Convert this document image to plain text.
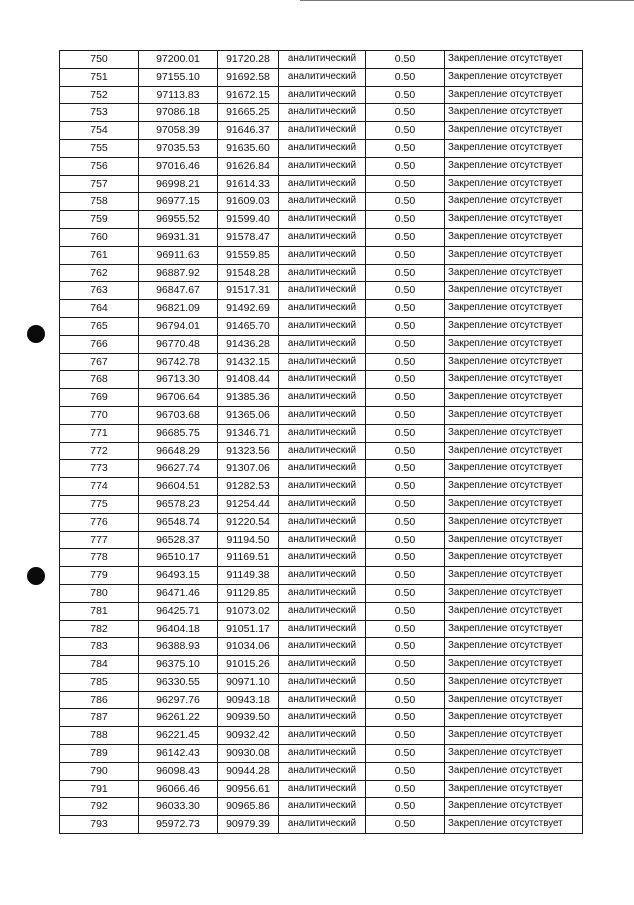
750	97200.01	91720.28	аналитический	0.50	Закрепление отсутствует
751	97155.10	91692.58	аналитический	0.50	Закрепление отсутствует
752	97113.83	91672.15	аналитический	0.50	Закрепление отсутствует
753	97086.18	91665.25	аналитический	0.50	Закрепление отсутствует
754	97058.39	91646.37	аналитический	0.50	Закрепление отсутствует
755	97035.53	91635.60	аналитический	0.50	Закрепление отсутствует
756	97016.46	91626.84	аналитический	0.50	Закрепление отсутствует
757	96998.21	91614.33	аналитический	0.50	Закрепление отсутствует
758	96977.15	91609.03	аналитический	0.50	Закрепление отсутствует
759	96955.52	91599.40	аналитический	0.50	Закрепление отсутствует
760	96931.31	91578.47	аналитический	0.50	Закрепление отсутствует
761	96911.63	91559.85	аналитический	0.50	Закрепление отсутствует
762	96887.92	91548.28	аналитический	0.50	Закрепление отсутствует
763	96847.67	91517.31	аналитический	0.50	Закрепление отсутствует
764	96821.09	91492.69	аналитический	0.50	Закрепление отсутствует
765	96794.01	91465.70	аналитический	0.50	Закрепление отсутствует
766	96770.48	91436.28	аналитический	0.50	Закрепление отсутствует
767	96742.78	91432.15	аналитический	0.50	Закрепление отсутствует
768	96713.30	91408.44	аналитический	0.50	Закрепление отсутствует
769	96706.64	91385.36	аналитический	0.50	Закрепление отсутствует
770	96703.68	91365.06	аналитический	0.50	Закрепление отсутствует
771	96685.75	91346.71	аналитический	0.50	Закрепление отсутствует
772	96648.29	91323.56	аналитический	0.50	Закрепление отсутствует
773	96627.74	91307.06	аналитический	0.50	Закрепление отсутствует
774	96604.51	91282.53	аналитический	0.50	Закрепление отсутствует
775	96578.23	91254.44	аналитический	0.50	Закрепление отсутствует
776	96548.74	91220.54	аналитический	0.50	Закрепление отсутствует
777	96528.37	91194.50	аналитический	0.50	Закрепление отсутствует
778	96510.17	91169.51	аналитический	0.50	Закрепление отсутствует
779	96493.15	91149.38	аналитический	0.50	Закрепление отсутствует
780	96471.46	91129.85	аналитический	0.50	Закрепление отсутствует
781	96425.71	91073.02	аналитический	0.50	Закрепление отсутствует
782	96404.18	91051.17	аналитический	0.50	Закрепление отсутствует
783	96388.93	91034.06	аналитический	0.50	Закрепление отсутствует
784	96375.10	91015.26	аналитический	0.50	Закрепление отсутствует
785	96330.55	90971.10	аналитический	0.50	Закрепление отсутствует
786	96297.76	90943.18	аналитический	0.50	Закрепление отсутствует
787	96261.22	90939.50	аналитический	0.50	Закрепление отсутствует
788	96221.45	90932.42	аналитический	0.50	Закрепление отсутствует
789	96142.43	90930.08	аналитический	0.50	Закрепление отсутствует
790	96098.43	90944.28	аналитический	0.50	Закрепление отсутствует
791	96066.46	90956.61	аналитический	0.50	Закрепление отсутствует
792	96033.30	90965.86	аналитический	0.50	Закрепление отсутствует
793	95972.73	90979.39	аналитический	0.50	Закрепление отсутствует
